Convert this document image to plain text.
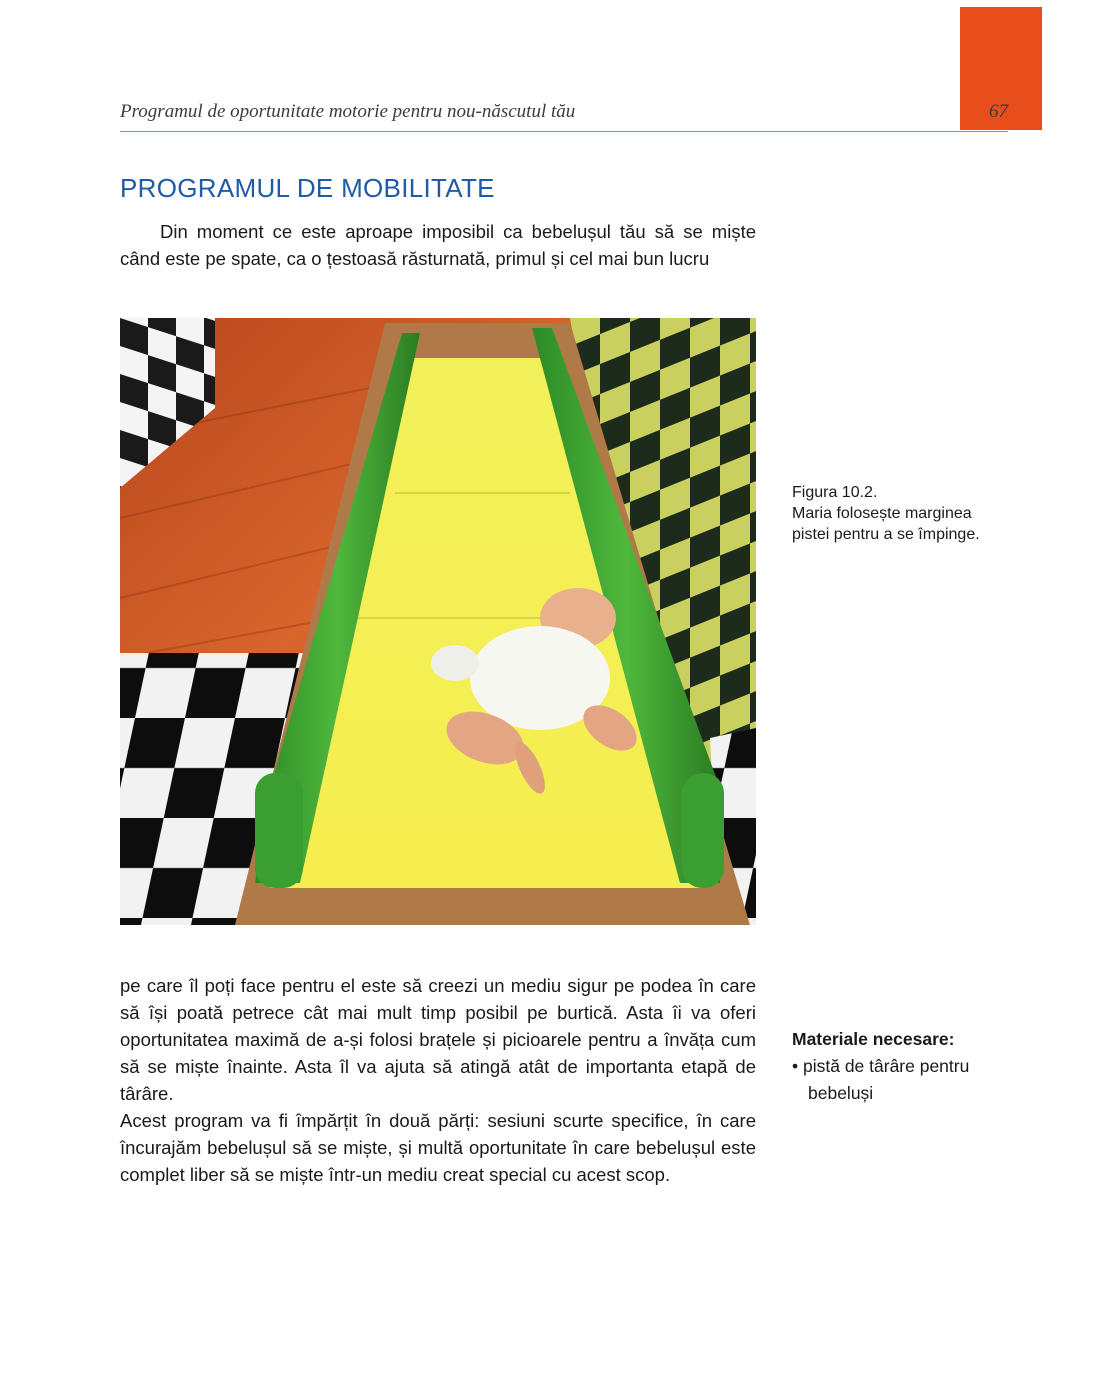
Programul de oportunitate motorie pentru nou-născutul tău	67
PROGRAMUL DE MOBILITATE

Din moment ce este aproape imposibil ca bebelușul tău să se miște când este pe spate, ca o țestoasă răsturnată, primul și cel mai bun lucru

Figura 10.2.
Maria folosește marginea
pistei pentru a se împinge.

pe care îl poți face pentru el este să creezi un mediu sigur pe podea în care să își poată petrece cât mai mult timp posibil pe burtică. Asta îi va oferi oportunitatea maximă de a-și folosi brațele și picioarele pentru a învăța cum să se miște înainte. Asta îl va ajuta să atingă atât de importanta etapă de târâre.

Acest program va fi împărțit în două părți: sesiuni scurte specifice, în care încurajăm bebelușul să se miște, și multă oportunitate în care bebelușul este complet liber să se miște într-un mediu creat special cu acest scop.

Materiale necesare:
• pistă de târâre pentru bebeluși
